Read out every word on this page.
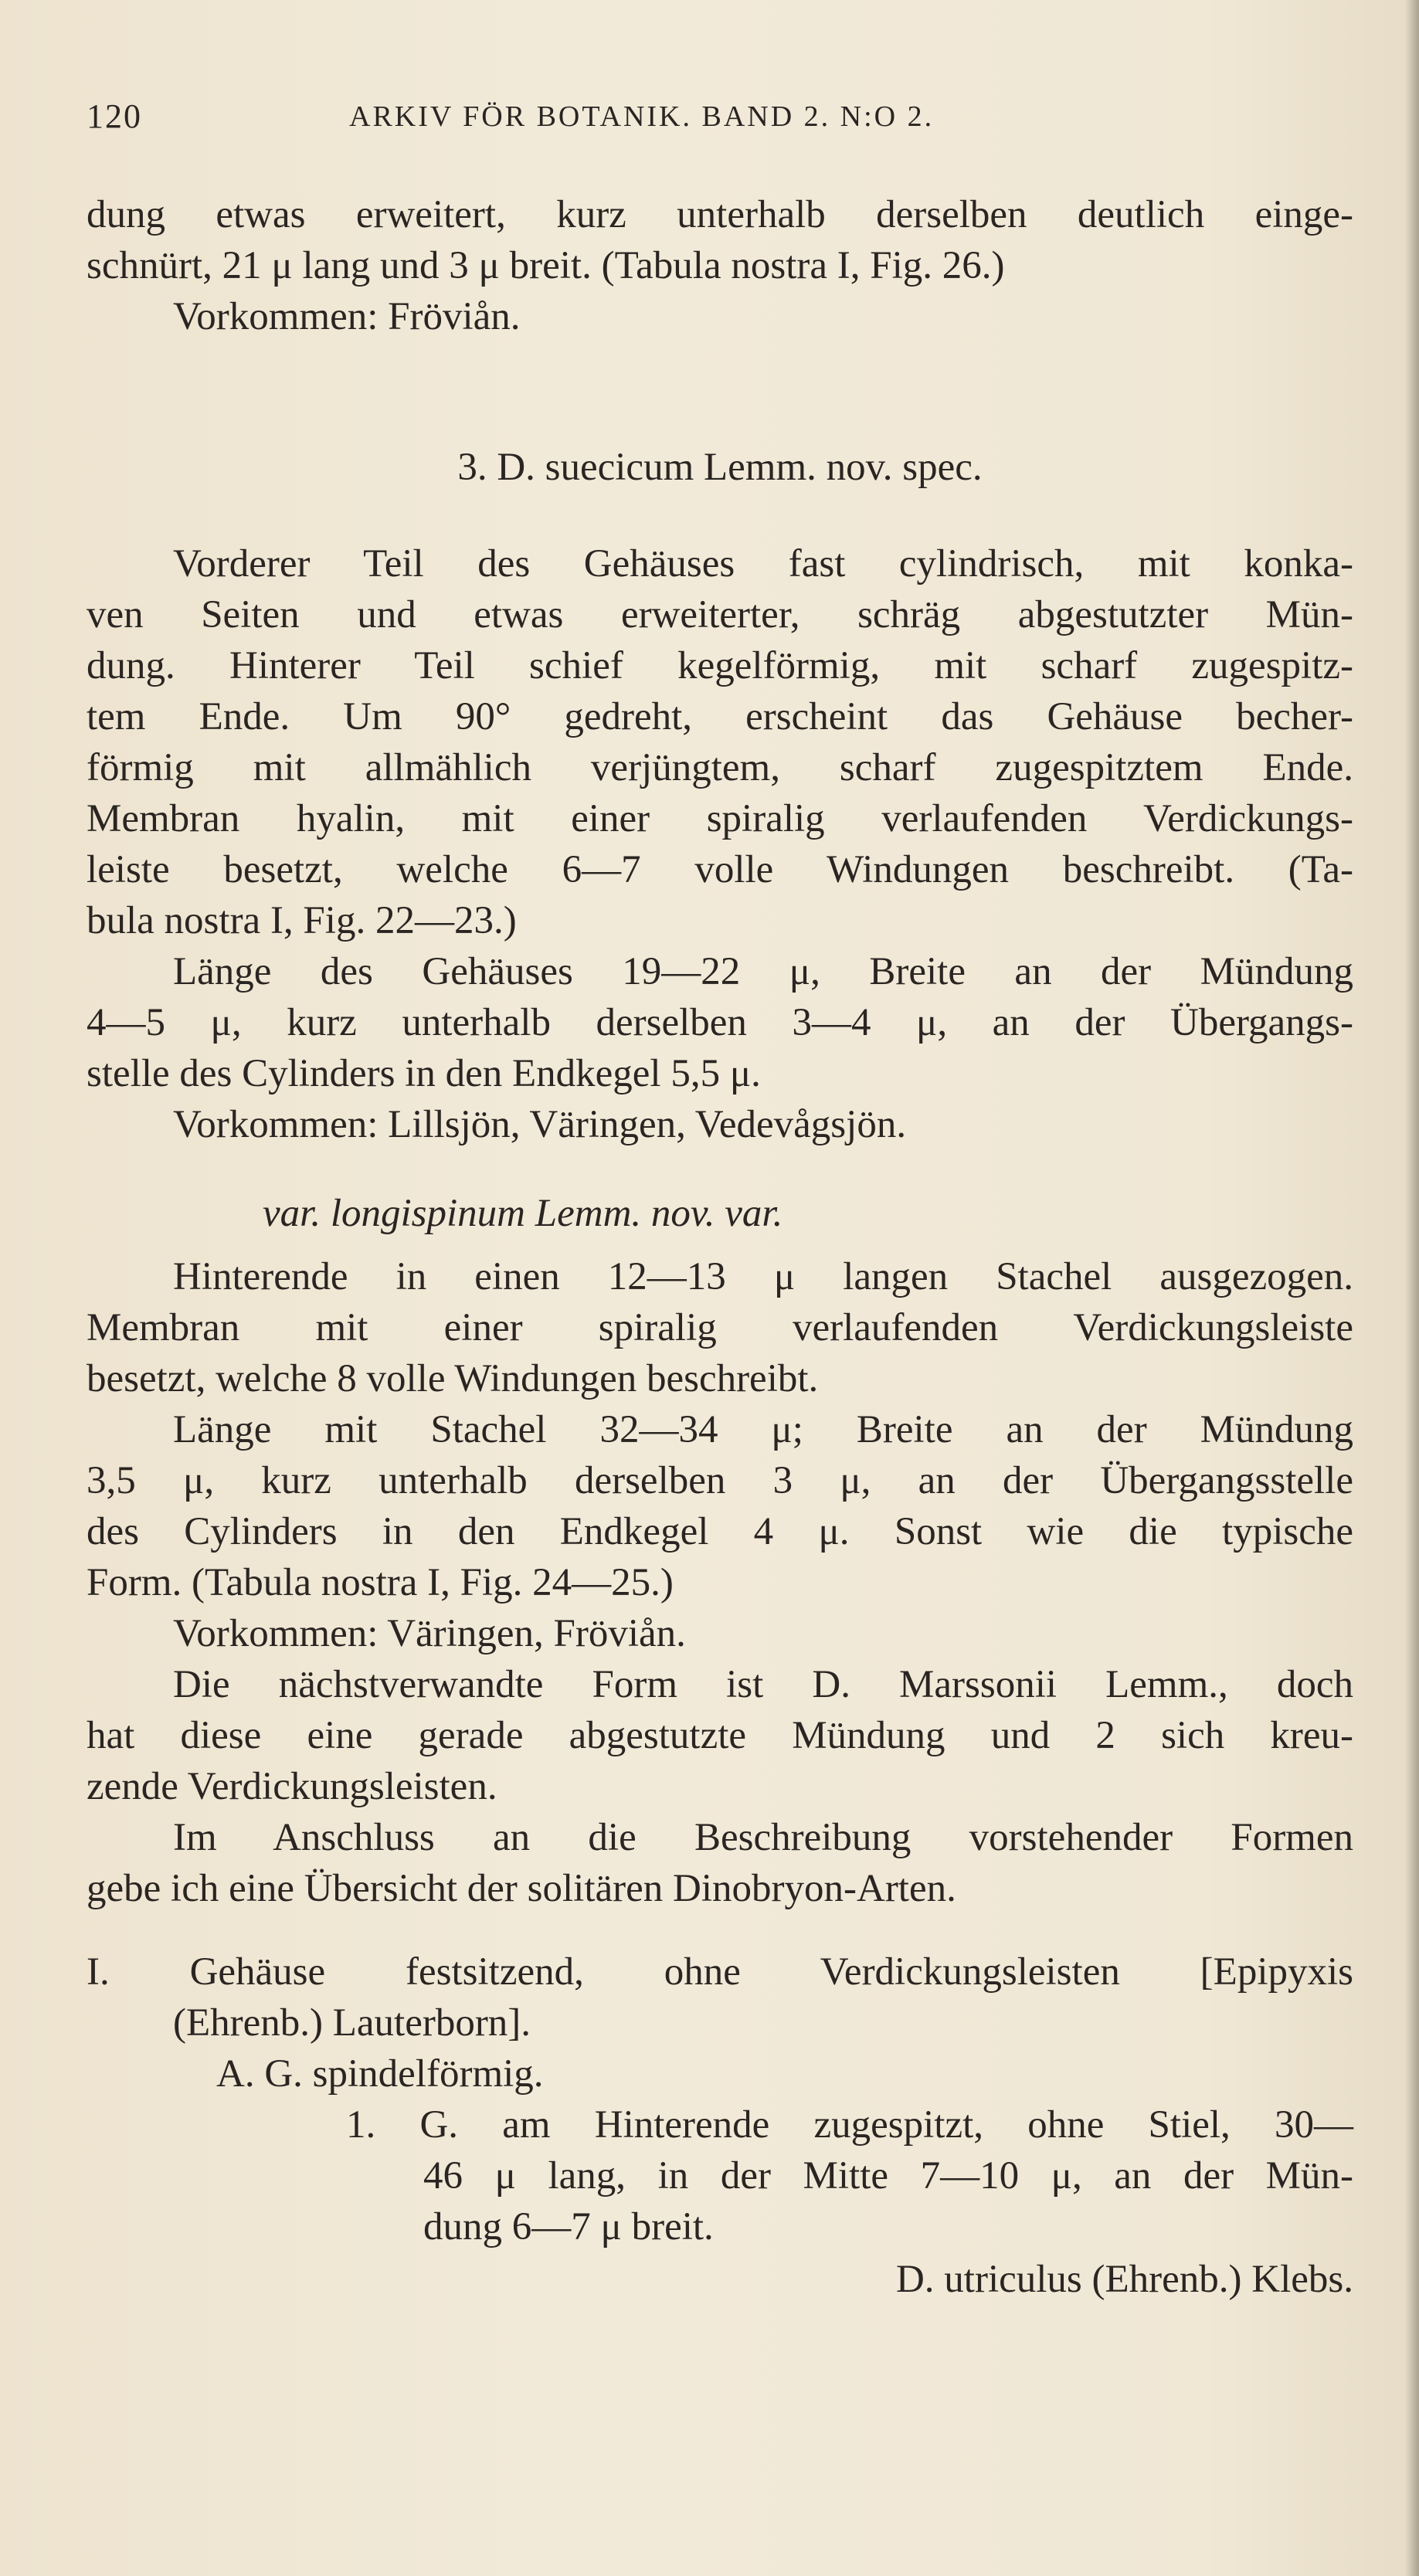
120	ARKIV FÖR BOTANIK. BAND 2. N:O 2.
dung etwas erweitert, kurz unterhalb derselben deutlich einge-
schnürt, 21 μ lang und 3 μ breit. (Tabula nostra I, Fig. 26.)
Vorkommen: Fröviån.
3. D. suecicum Lemm. nov. spec.
Vorderer Teil des Gehäuses fast cylindrisch, mit konka-
ven Seiten und etwas erweiterter, schräg abgestutzter Mün-
dung. Hinterer Teil schief kegelförmig, mit scharf zugespitz-
tem Ende. Um 90° gedreht, erscheint das Gehäuse becher-
förmig mit allmählich verjüngtem, scharf zugespitztem Ende.
Membran hyalin, mit einer spiralig verlaufenden Verdickungs-
leiste besetzt, welche 6—7 volle Windungen beschreibt. (Ta-
bula nostra I, Fig. 22—23.)
Länge des Gehäuses 19—22 μ, Breite an der Mündung
4—5 μ, kurz unterhalb derselben 3—4 μ, an der Übergangs-
stelle des Cylinders in den Endkegel 5,5 μ.
Vorkommen: Lillsjön, Väringen, Vedevågsjön.
var. longispinum Lemm. nov. var.
Hinterende in einen 12—13 μ langen Stachel ausgezogen.
Membran mit einer spiralig verlaufenden Verdickungsleiste
besetzt, welche 8 volle Windungen beschreibt.
Länge mit Stachel 32—34 μ; Breite an der Mündung
3,5 μ, kurz unterhalb derselben 3 μ, an der Übergangsstelle
des Cylinders in den Endkegel 4 μ. Sonst wie die typische
Form. (Tabula nostra I, Fig. 24—25.)
Vorkommen: Väringen, Fröviån.
Die nächstverwandte Form ist D. Marssonii Lemm., doch
hat diese eine gerade abgestutzte Mündung und 2 sich kreu-
zende Verdickungsleisten.
Im Anschluss an die Beschreibung vorstehender Formen
gebe ich eine Übersicht der solitären Dinobryon-Arten.
I. Gehäuse festsitzend, ohne Verdickungsleisten [Epipyxis
(Ehrenb.) Lauterborn].
A. G. spindelförmig.
1. G. am Hinterende zugespitzt, ohne Stiel, 30—
46 μ lang, in der Mitte 7—10 μ, an der Mün-
dung 6—7 μ breit.
D. utriculus (Ehrenb.) Klebs.
